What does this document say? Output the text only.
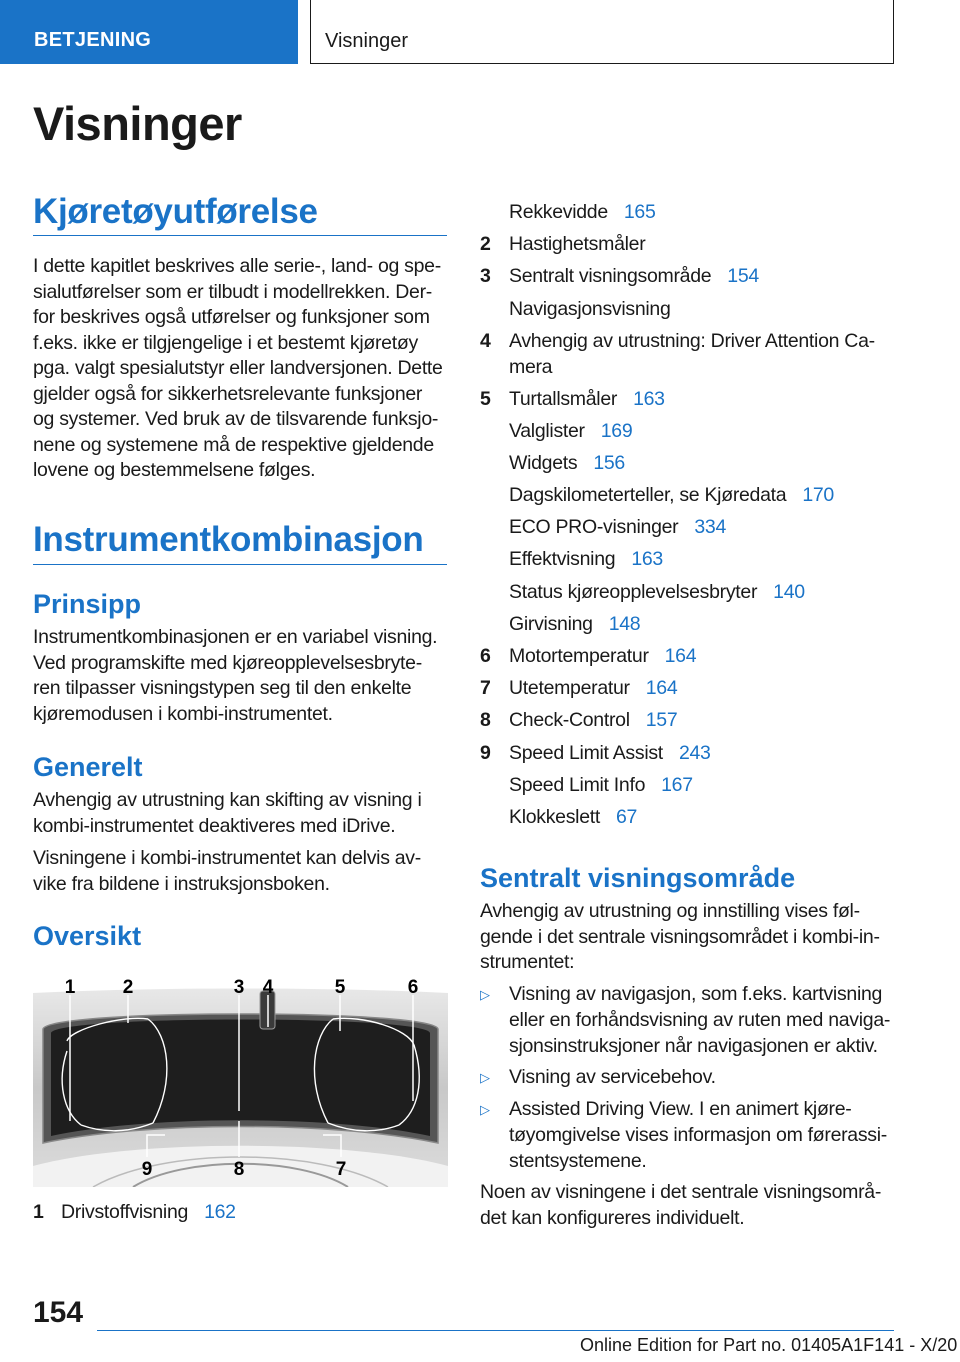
BETJENING	Visninger
Visninger
Kjøretøyutførelse

I dette kapitlet beskrives alle serie-, land- og spe-
sialutførelser som er tilbudt i modellrekken. Der-
for beskrives også utførelser og funksjoner som
f.eks. ikke er tilgjengelige i et bestemt kjøretøy
pga. valgt spesialutstyr eller landversjonen. Dette
gjelder også for sikkerhetsrelevante funksjoner
og systemer. Ved bruk av de tilsvarende funksjo-
nene og systemene må de respektive gjeldende
lovene og bestemmelsene følges.

Instrumentkombinasjon
Prinsipp

Instrumentkombinasjonen er en variabel visning.
Ved programskifte med kjøreopplevelsesbryte-
ren tilpasser visningstypen seg til den enkelte
kjøremodusen i kombi-instrumentet.

Generelt

Avhengig av utrustning kan skifting av visning i
kombi-instrumentet deaktiveres med iDrive.

Visningene i kombi-instrumentet kan delvis av-
vike fra bildene i instruksjonsboken.

Oversikt
1 2	3 4	5	6
9	8	7
1 Drivstoffvisning 162
Rekkevidde 165
2 Hastighetsmåler
3 Sentralt visningsområde 154
Navigasjonsvisning
4 Avhengig av utrustning: Driver Attention Ca-
mera
5 Turtallsmåler 163
Valglister 169
Widgets 156
Dagskilometerteller, se Kjøredata 170
ECO PRO-visninger 334
Effektvisning 163
Status kjøreopplevelsesbryter 140
Girvisning 148
6 Motortemperatur 164
7 Utetemperatur 164
8 Check-Control 157
9 Speed Limit Assist 243
Speed Limit Info 167
Klokkeslett 67
Sentralt visningsområde

Avhengig av utrustning og innstilling vises føl-
gende i det sentrale visningsområdet i kombi-in-
strumentet:

▷ Visning av navigasjon, som f.eks. kartvisning
eller en forhåndsvisning av ruten med naviga-
sjonsinstruksjoner når navigasjonen er aktiv.
▷ Visning av servicebehov.
▷ Assisted Driving View. I en animert kjøre-
tøyomgivelse vises informasjon om førerassi-
stentsystemene.

Noen av visningene i det sentrale visningsområ-
det kan konfigureres individuelt.

154
Online Edition for Part no. 01405A1F141 - X/20
